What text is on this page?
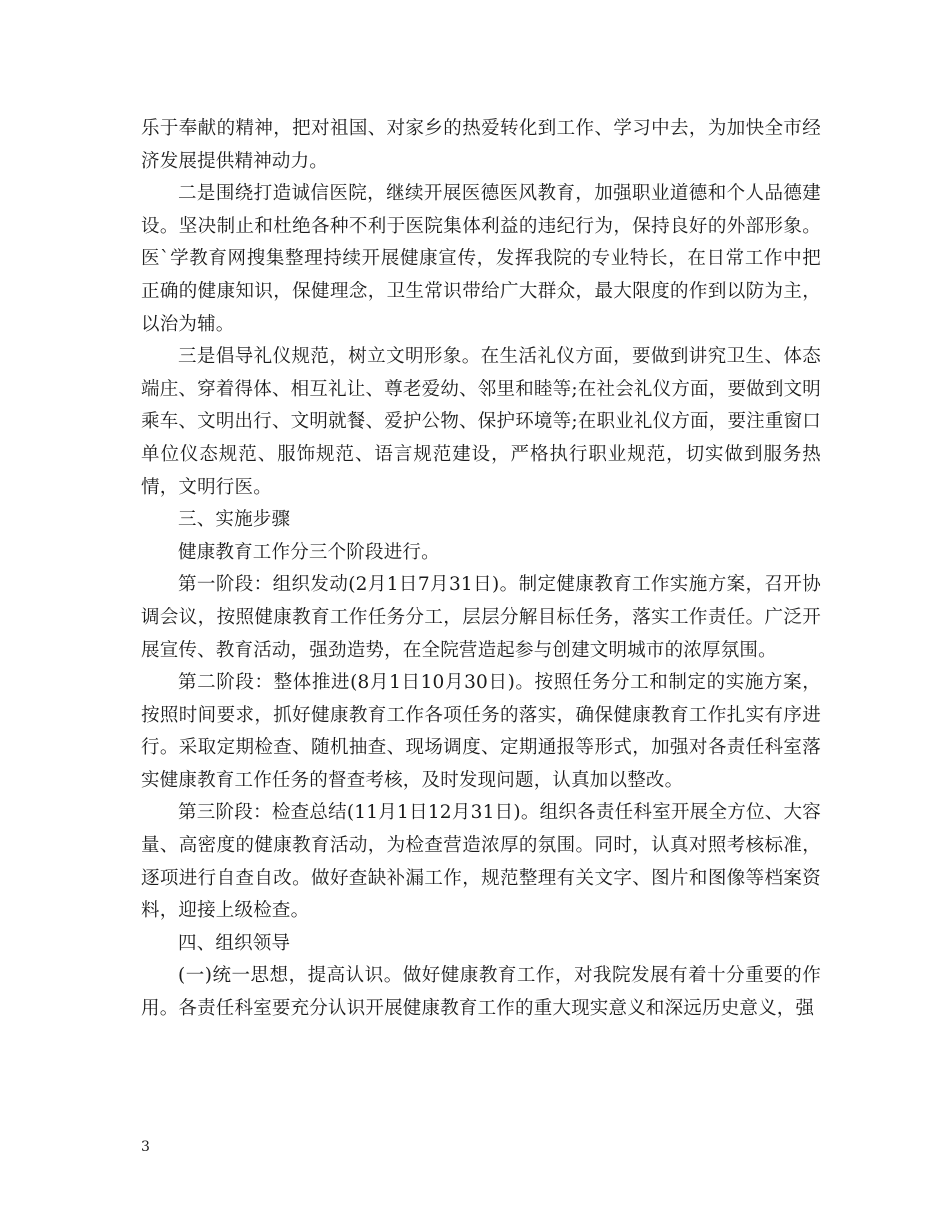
乐于奉献的精神，把对祖国、对家乡的热爱转化到工作、学习中去，为加快全市经济发展提供精神动力。

二是围绕打造诚信医院，继续开展医德医风教育，加强职业道德和个人品德建设。坚决制止和杜绝各种不利于医院集体利益的违纪行为，保持良好的外部形象。医`学教育网搜集整理持续开展健康宣传，发挥我院的专业特长，在日常工作中把正确的健康知识，保健理念，卫生常识带给广大群众，最大限度的作到以防为主，以治为辅。

三是倡导礼仪规范，树立文明形象。在生活礼仪方面，要做到讲究卫生、体态端庄、穿着得体、相互礼让、尊老爱幼、邻里和睦等;在社会礼仪方面，要做到文明乘车、文明出行、文明就餐、爱护公物、保护环境等;在职业礼仪方面，要注重窗口单位仪态规范、服饰规范、语言规范建设，严格执行职业规范，切实做到服务热情，文明行医。

三、实施步骤

健康教育工作分三个阶段进行。

第一阶段：组织发动(2月1日7月31日)。制定健康教育工作实施方案，召开协调会议，按照健康教育工作任务分工，层层分解目标任务，落实工作责任。广泛开展宣传、教育活动，强劲造势，在全院营造起参与创建文明城市的浓厚氛围。

第二阶段：整体推进(8月1日10月30日)。按照任务分工和制定的实施方案，按照时间要求，抓好健康教育工作各项任务的落实，确保健康教育工作扎实有序进行。采取定期检查、随机抽查、现场调度、定期通报等形式，加强对各责任科室落实健康教育工作任务的督查考核，及时发现问题，认真加以整改。

第三阶段：检查总结(11月1日12月31日)。组织各责任科室开展全方位、大容量、高密度的健康教育活动，为检查营造浓厚的氛围。同时，认真对照考核标准，逐项进行自查自改。做好查缺补漏工作，规范整理有关文字、图片和图像等档案资料，迎接上级检查。

四、组织领导

(一)统一思想，提高认识。做好健康教育工作，对我院发展有着十分重要的作用。各责任科室要充分认识开展健康教育工作的重大现实意义和深远历史意义，强

3
